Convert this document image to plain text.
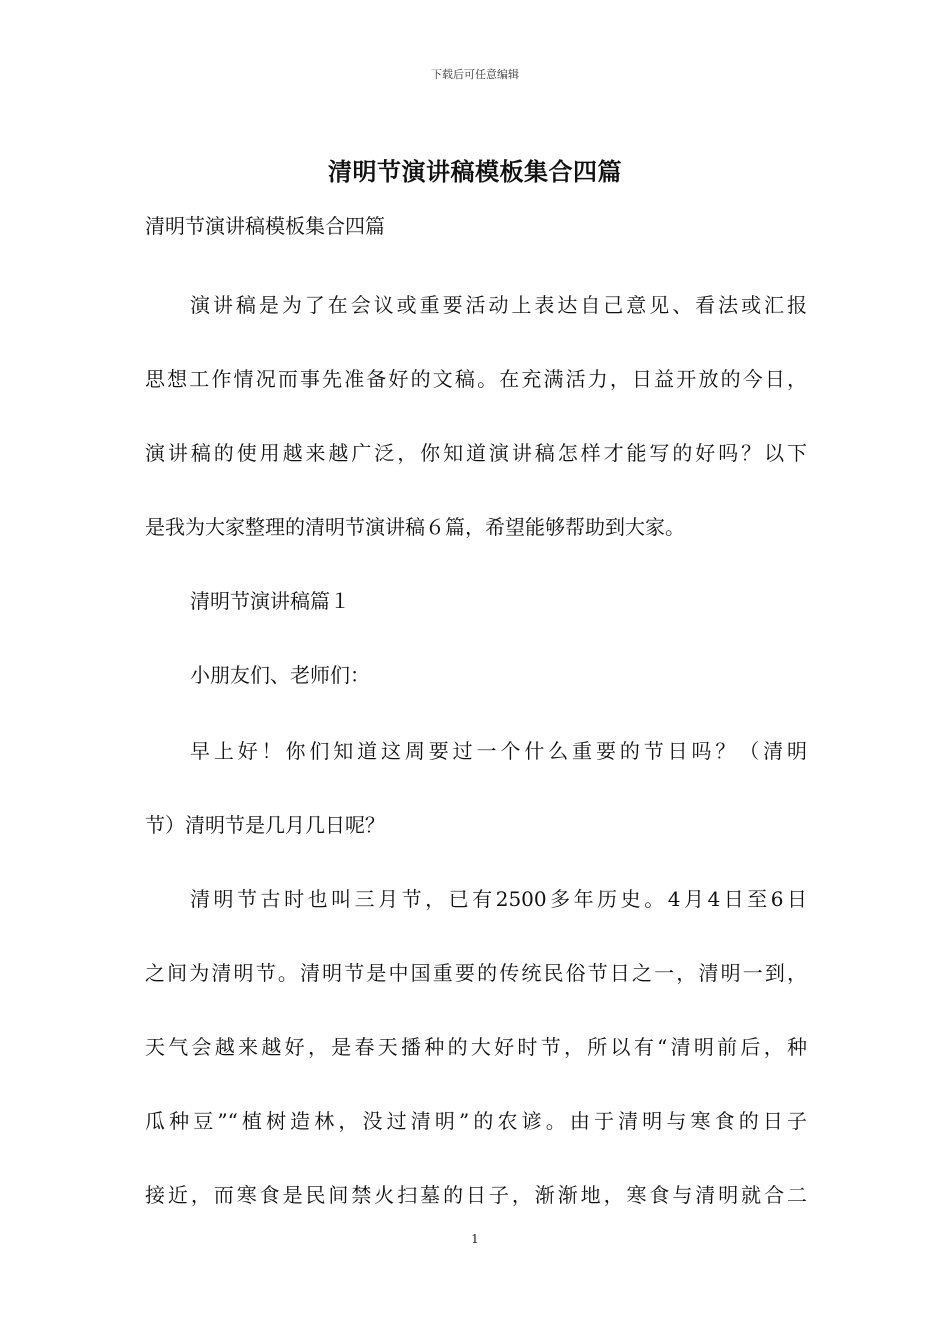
下载后可任意编辑
清明节演讲稿模板集合四篇
清明节演讲稿模板集合四篇
演讲稿是为了在会议或重要活动上表达自己意见、看法或汇报
思想工作情况而事先准备好的文稿。在充满活力，日益开放的今日，
演讲稿的使用越来越广泛，你知道演讲稿怎样才能写的好吗？以下
是我为大家整理的清明节演讲稿６篇，希望能够帮助到大家。
清明节演讲稿篇１
小朋友们、老师们：
早上好！你们知道这周要过一个什么重要的节日吗？（清明
节）清明节是几月几日呢？
清明节古时也叫三月节，已有2500多年历史。4月4日至6日
之间为清明节。清明节是中国重要的传统民俗节日之一，清明一到，
天气会越来越好，是春天播种的大好时节，所以有“清明前后，种
瓜种豆”“植树造林，没过清明”的农谚。由于清明与寒食的日子
接近，而寒食是民间禁火扫墓的日子，渐渐地，寒食与清明就合二
1
